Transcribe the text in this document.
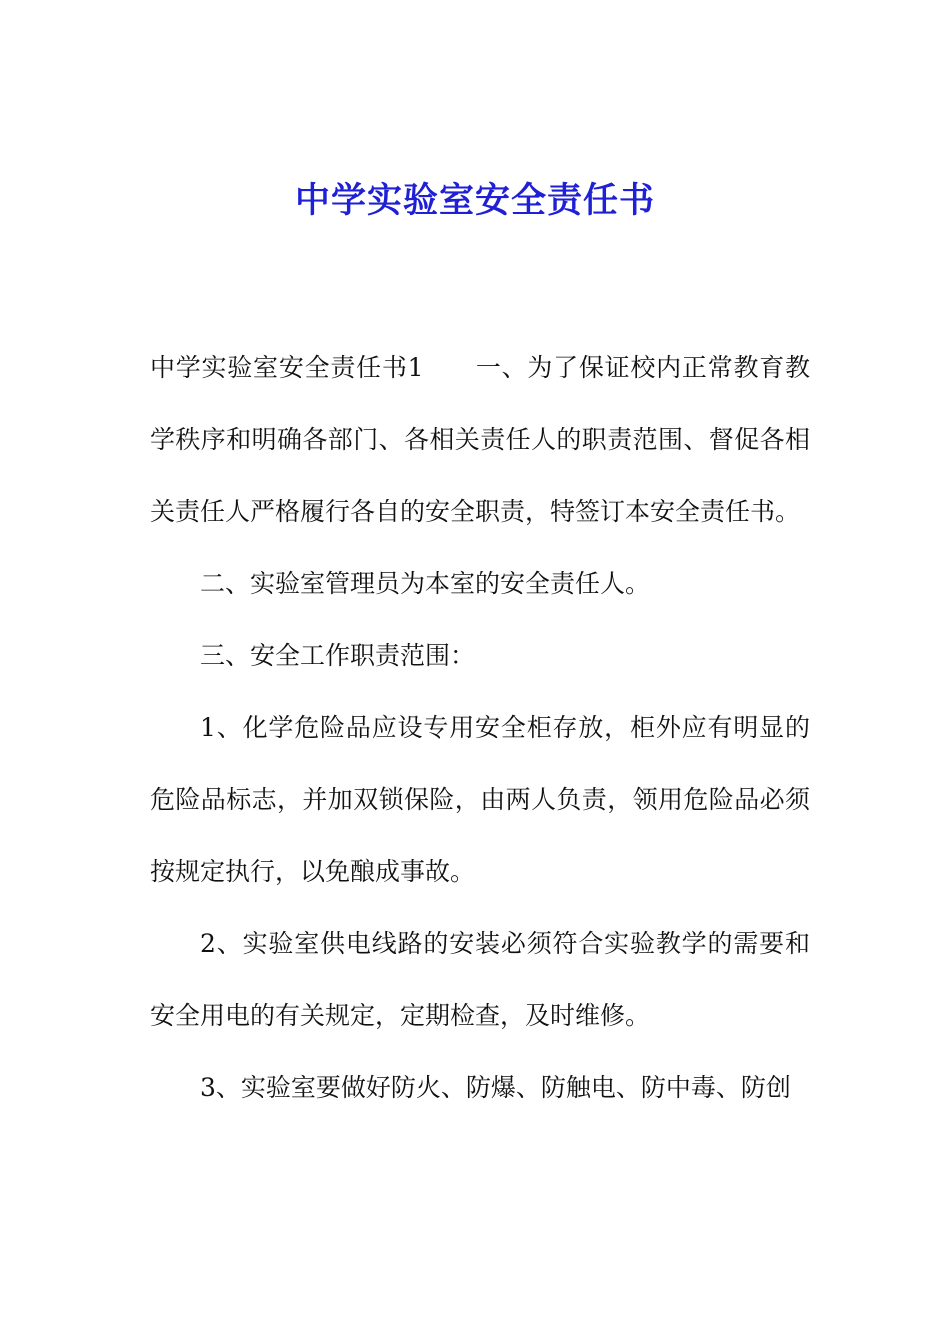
中学实验室安全责任书

中学实验室安全责任书1　　一、为了保证校内正常教育教学秩序和明确各部门、各相关责任人的职责范围、督促各相关责任人严格履行各自的安全职责，特签订本安全责任书。

二、实验室管理员为本室的安全责任人。

三、安全工作职责范围：

1、化学危险品应设专用安全柜存放，柜外应有明显的危险品标志，并加双锁保险，由两人负责，领用危险品必须按规定执行，以免酿成事故。

2、实验室供电线路的安装必须符合实验教学的需要和安全用电的有关规定，定期检查，及时维修。

3、实验室要做好防火、防爆、防触电、防中毒、防创
